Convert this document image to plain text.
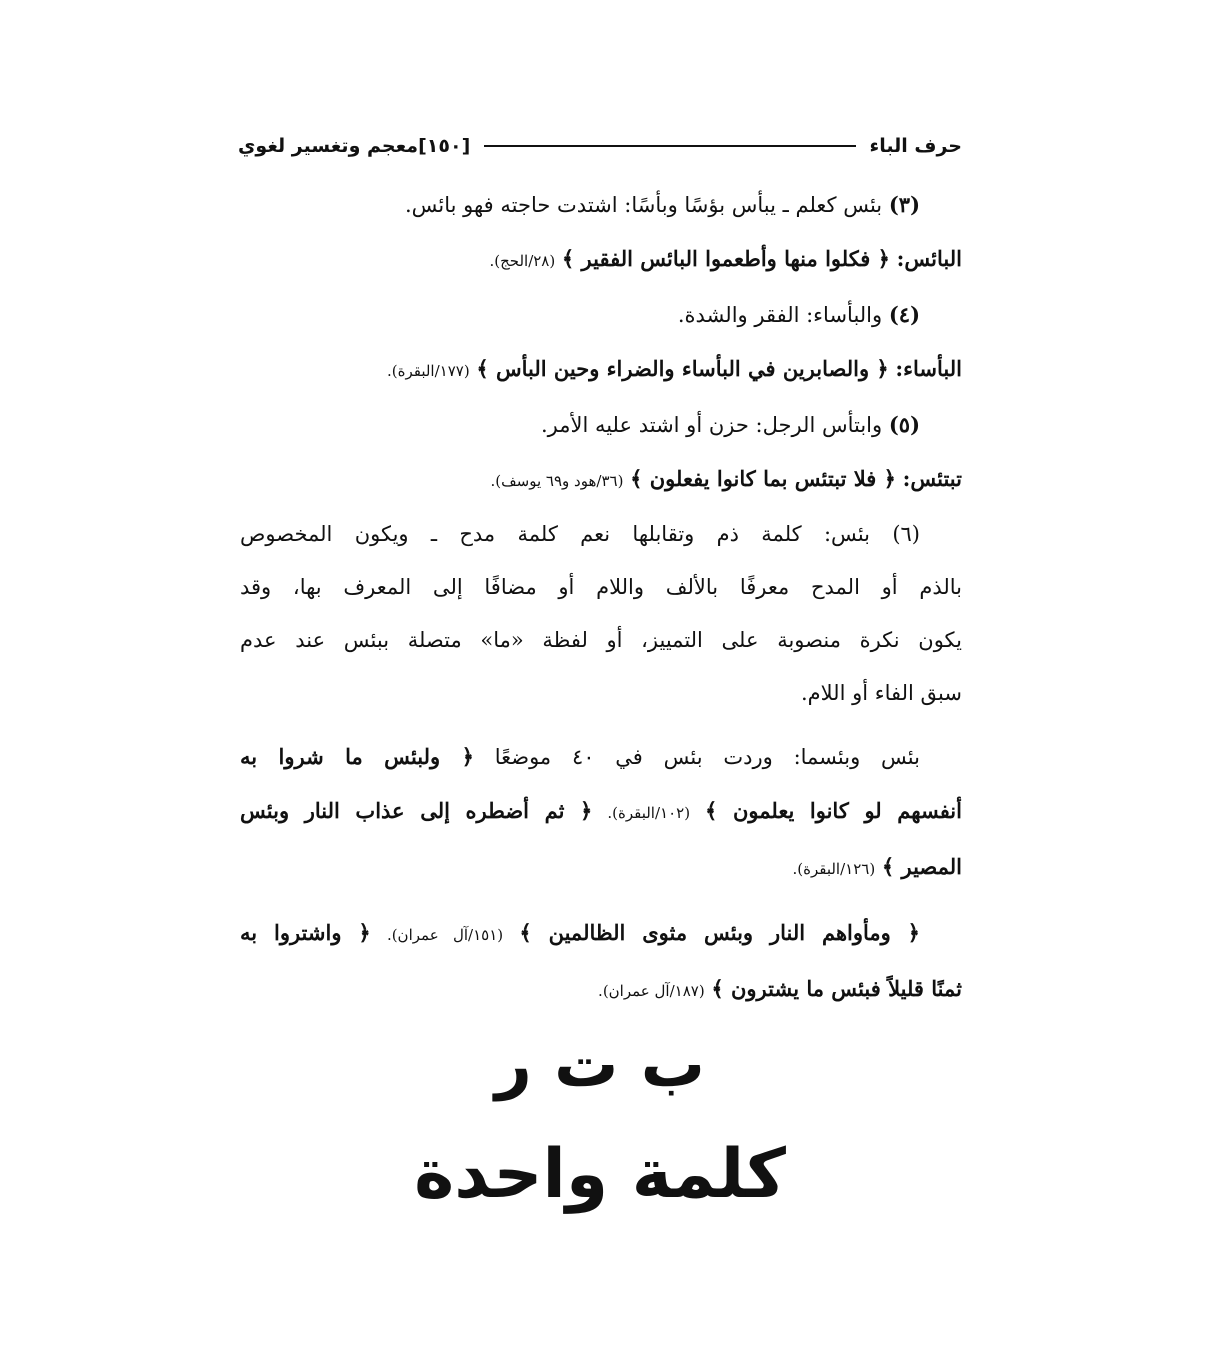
[١٥٠]معجم وتغسير لغوي	حرف الباء
(٣) بئس كعلم ـ يبأس بؤسًا وبأسًا: اشتدت حاجته فهو بائس.
البائس: ﴿ فكلوا منها وأطعموا البائس الفقير ﴾ (٢٨/الحج).
(٤) والبأساء: الفقر والشدة.
البأساء: ﴿ والصابرين في البأساء والضراء وحين البأس ﴾ (١٧٧/البقرة).
(٥) وابتأس الرجل: حزن أو اشتد عليه الأمر.
تبتئس: ﴿ فلا تبتئس بما كانوا يفعلون ﴾ (٣٦/هود و٦٩ يوسف).
(٦) بئس: كلمة ذم وتقابلها نعم كلمة مدح ـ ويكون المخصوص
بالذم أو المدح معرفًا بالألف واللام أو مضافًا إلى المعرف بها، وقد
يكون نكرة منصوبة على التمييز، أو لفظة «ما» متصلة ببئس عند عدم
سبق الفاء أو اللام.
بئس وبئسما: وردت بئس في ٤٠ موضعًا ﴿ ولبئس ما شروا به
أنفسهم لو كانوا يعلمون ﴾ (١٠٢/البقرة). ﴿ ثم أضطره إلى عذاب النار وبئس
المصير ﴾ (١٢٦/البقرة).
﴿ ومأواهم النار وبئس مثوى الظالمين ﴾ (١٥١/آل عمران). ﴿ واشتروا به
ثمنًا قليلاً فبئس ما يشترون ﴾ (١٨٧/آل عمران).
ب ت ر
كلمة واحدة
